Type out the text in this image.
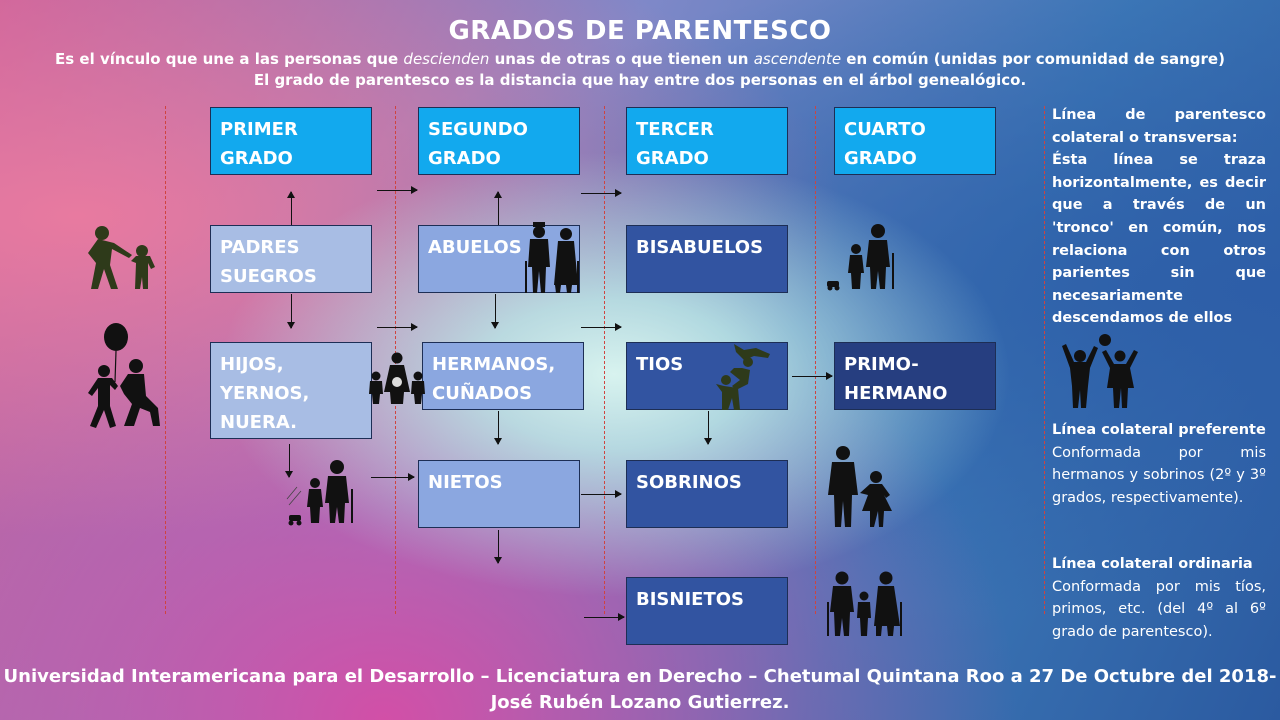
GRADOS DE PARENTESCO
Es el vínculo que une a las personas que descienden unas de otras o que tienen un ascendente en común (unidas por comunidad de sangre)
El grado de parentesco es la distancia que hay entre dos personas en el árbol genealógico.
PRIMER
GRADO
SEGUNDO
GRADO
TERCER
GRADO
CUARTO
GRADO
PADRES
SUEGROS
HIJOS,
YERNOS,
NUERA.
ABUELOS
HERMANOS,
CUÑADOS
NIETOS
BISABUELOS
TIOS
SOBRINOS
BISNIETOS
PRIMO-
HERMANO
Línea de parentesco colateral o transversa:
Ésta línea se traza horizontalmente, es decir que a través de un 'tronco' en común, nos relaciona con otros parientes sin que necesariamente descendamos de ellos
Línea colateral preferente
Conformada por mis hermanos y sobrinos (2º y 3º grados, respectivamente).
Línea colateral ordinaria
Conformada por mis tíos, primos, etc. (del 4º al 6º grado de parentesco).
Universidad Interamericana para el Desarrollo – Licenciatura en Derecho – Chetumal Quintana Roo a 27 De Octubre del 2018-
José Rubén Lozano Gutierrez.
